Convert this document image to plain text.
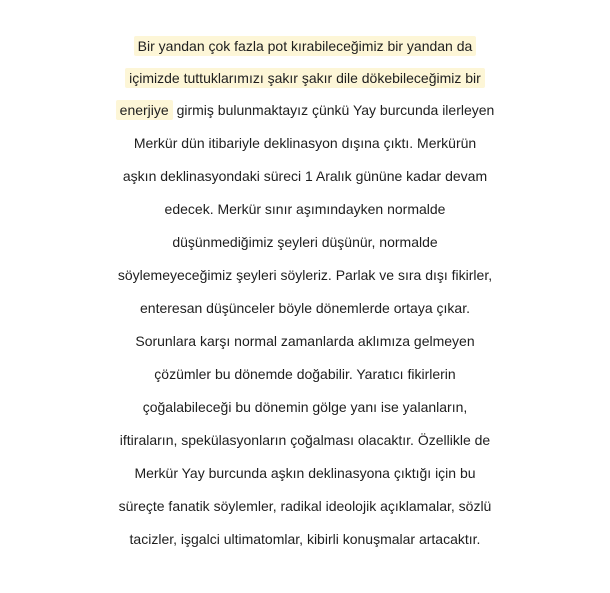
Bir yandan çok fazla pot kırabileceğimiz bir yandan da
içimizde tuttuklarımızı şakır şakır dile dökebileceğimiz bir
enerjiye girmiş bulunmaktayız çünkü Yay burcunda ilerleyen
Merkür dün itibariyle deklinasyon dışına çıktı. Merkürün
aşkın deklinasyondaki süreci 1 Aralık gününe kadar devam
edecek. Merkür sınır aşımındayken normalde
düşünmediğimiz şeyleri düşünür, normalde
söylemeyeceğimiz şeyleri söyleriz. Parlak ve sıra dışı fikirler,
enteresan düşünceler böyle dönemlerde ortaya çıkar.
Sorunlara karşı normal zamanlarda aklımıza gelmeyen
çözümler bu dönemde doğabilir. Yaratıcı fikirlerin
çoğalabileceği bu dönemin gölge yanı ise yalanların,
iftiraların, spekülasyonların çoğalması olacaktır. Özellikle de
Merkür Yay burcunda aşkın deklinasyona çıktığı için bu
süreçte fanatik söylemler, radikal ideolojik açıklamalar, sözlü
tacizler, işgalci ultimatomlar, kibirli konuşmalar artacaktır.
